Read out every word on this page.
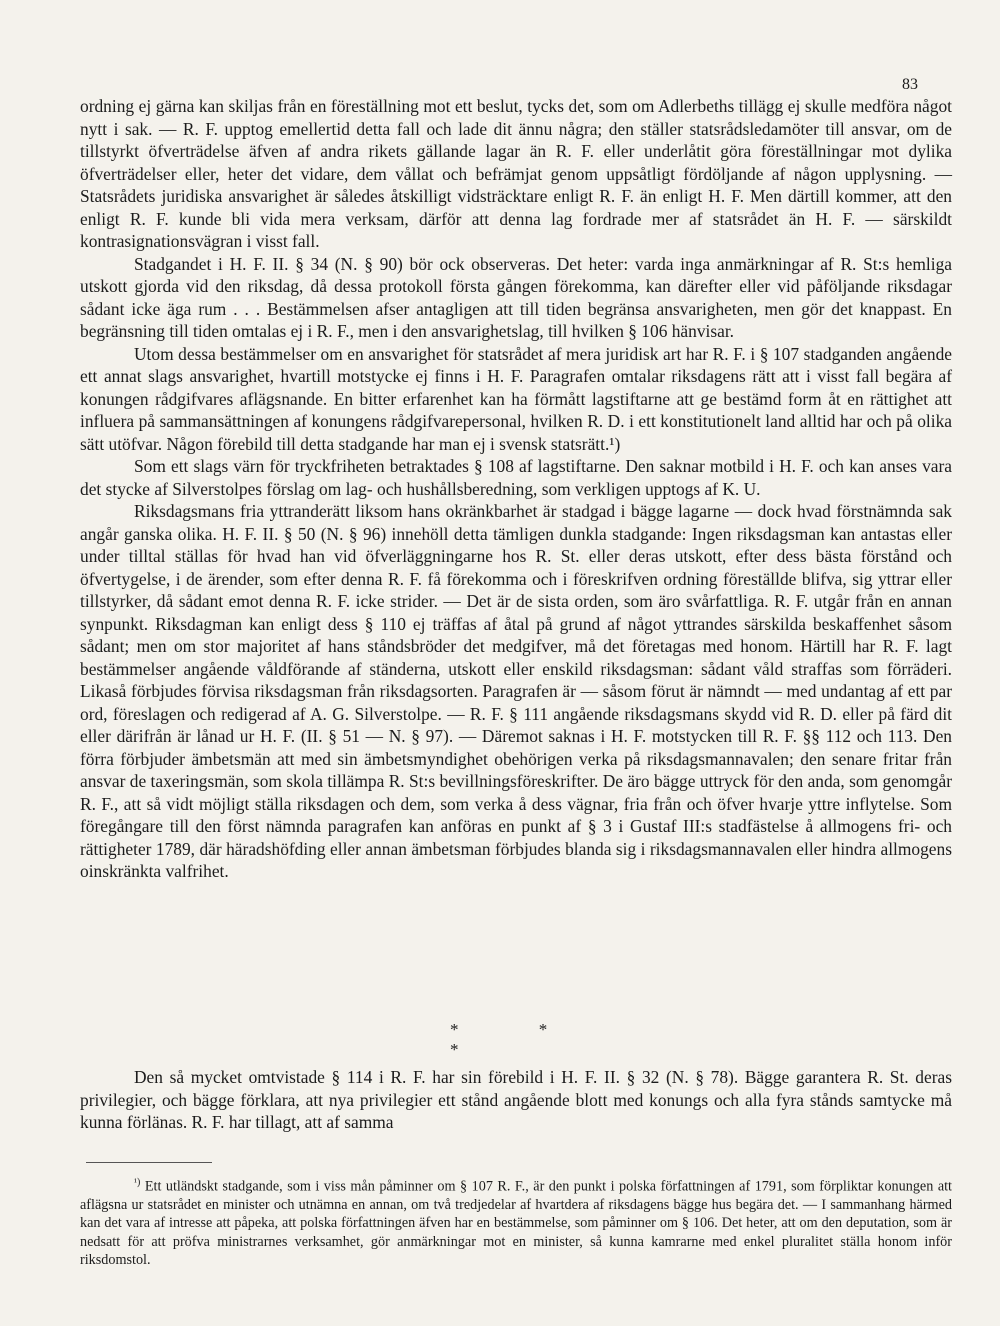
83

ordning ej gärna kan skiljas från en föreställning mot ett beslut, tycks det, som om Adlerbeths tillägg ej skulle medföra något nytt i sak. — R. F. upptog emellertid detta fall och lade dit ännu några; den ställer statsrådsledamöter till ansvar, om de tillstyrkt öfverträdelse äfven af andra rikets gällande lagar än R. F. eller underlåtit göra föreställningar mot dylika öfverträdelser eller, heter det vidare, dem vållat och befrämjat genom uppsåtligt fördöljande af någon upplysning. — Statsrådets juridiska ansvarighet är således åtskilligt vidsträcktare enligt R. F. än enligt H. F. Men därtill kommer, att den enligt R. F. kunde bli vida mera verksam, därför att denna lag fordrade mer af statsrådet än H. F. — särskildt kontrasignationsvägran i visst fall.

Stadgandet i H. F. II. § 34 (N. § 90) bör ock observeras. Det heter: varda inga anmärkningar af R. St:s hemliga utskott gjorda vid den riksdag, då dessa protokoll första gången förekomma, kan därefter eller vid påföljande riksdagar sådant icke äga rum . . . Bestämmelsen afser antagligen att till tiden begränsa ansvarigheten, men gör det knappast. En begränsning till tiden omtalas ej i R. F., men i den ansvarighetslag, till hvilken § 106 hänvisar.

Utom dessa bestämmelser om en ansvarighet för statsrådet af mera juridisk art har R. F. i § 107 stadganden angående ett annat slags ansvarighet, hvartill motstycke ej finns i H. F. Paragrafen omtalar riksdagens rätt att i visst fall begära af konungen rådgifvares aflägsnande. En bitter erfarenhet kan ha förmått lagstiftarne att ge bestämd form åt en rättighet att influera på sammansättningen af konungens rådgifvarepersonal, hvilken R. D. i ett konstitutionelt land alltid har och på olika sätt utöfvar. Någon förebild till detta stadgande har man ej i svensk statsrätt.¹)

Som ett slags värn för tryckfriheten betraktades § 108 af lagstiftarne. Den saknar motbild i H. F. och kan anses vara det stycke af Silverstolpes förslag om lag- och hushållsberedning, som verkligen upptogs af K. U.

Riksdagsmans fria yttranderätt liksom hans okränkbarhet är stadgad i bägge lagarne — dock hvad förstnämnda sak angår ganska olika. H. F. II. § 50 (N. § 96) innehöll detta tämligen dunkla stadgande: Ingen riksdagsman kan antastas eller under tilltal ställas för hvad han vid öfverläggningarne hos R. St. eller deras utskott, efter dess bästa förstånd och öfvertygelse, i de ärender, som efter denna R. F. få förekomma och i föreskrifven ordning föreställde blifva, sig yttrar eller tillstyrker, då sådant emot denna R. F. icke strider. — Det är de sista orden, som äro svårfattliga. R. F. utgår från en annan synpunkt. Riksdagman kan enligt dess § 110 ej träffas af åtal på grund af något yttrandes särskilda beskaffenhet såsom sådant; men om stor majoritet af hans ståndsbröder det medgifver, må det företagas med honom. Härtill har R. F. lagt bestämmelser angående våldförande af ständerna, utskott eller enskild riksdagsman: sådant våld straffas som förräderi. Likaså förbjudes förvisa riksdagsman från riksdagsorten. Paragrafen är — såsom förut är nämndt — med undantag af ett par ord, föreslagen och redigerad af A. G. Silverstolpe. — R. F. § 111 angående riksdagsmans skydd vid R. D. eller på färd dit eller därifrån är lånad ur H. F. (II. § 51 — N. § 97). — Däremot saknas i H. F. motstycken till R. F. §§ 112 och 113. Den förra förbjuder ämbetsmän att med sin ämbetsmyndighet obehörigen verka på riksdagsmannavalen; den senare fritar från ansvar de taxeringsmän, som skola tillämpa R. St:s bevillningsföreskrifter. De äro bägge uttryck för den anda, som genomgår R. F., att så vidt möjligt ställa riksdagen och dem, som verka å dess vägnar, fria från och öfver hvarje yttre inflytelse. Som föregångare till den först nämnda paragrafen kan anföras en punkt af § 3 i Gustaf III:s stadfästelse å allmogens fri- och rättigheter 1789, där häradshöfding eller annan ämbetsman förbjudes blanda sig i riksdagsmannavalen eller hindra allmogens oinskränkta valfrihet.

* * *

Den så mycket omtvistade § 114 i R. F. har sin förebild i H. F. II. § 32 (N. § 78). Bägge garantera R. St. deras privilegier, och bägge förklara, att nya privilegier ett stånd angående blott med konungs och alla fyra stånds samtycke må kunna förlänas. R. F. har tillagt, att af samma

$^{^1)}$ Ett utländskt stadgande, som i viss mån påminner om § 107 R. F., är den punkt i polska författningen af 1791, som förpliktar konungen att aflägsna ur statsrådet en minister och utnämna en annan, om två tredjedelar af hvartdera af riksdagens bägge hus begära det. — I sammanhang härmed kan det vara af intresse att påpeka, att polska författningen äfven har en bestämmelse, som påminner om § 106. Det heter, att om den deputation, som är nedsatt för att pröfva ministrarnes verksamhet, gör anmärkningar mot en minister, så kunna kamrarne med enkel pluralitet ställa honom inför riksdomstol.
